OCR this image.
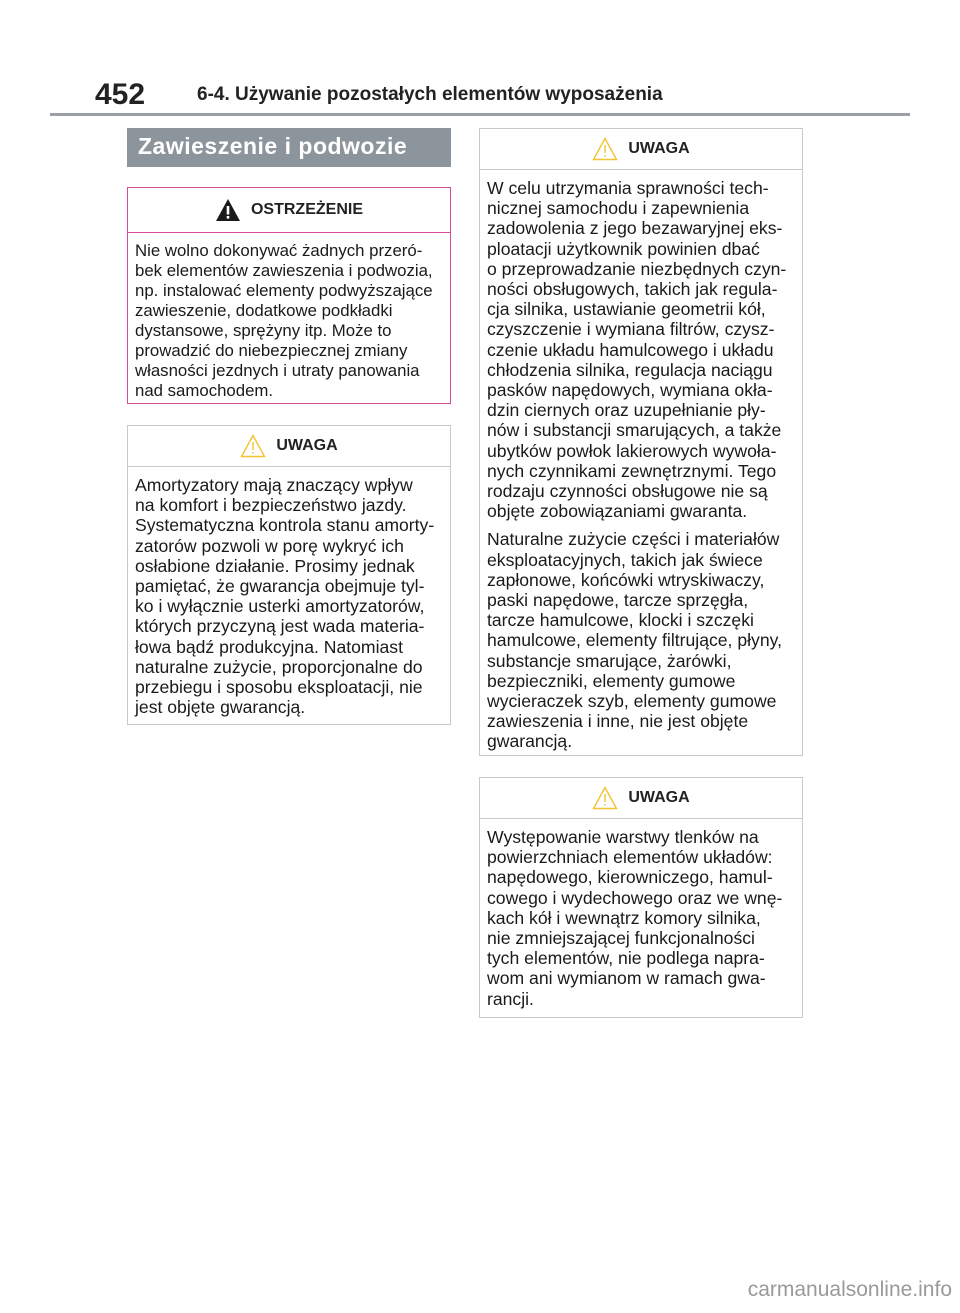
452	6-4. Używanie pozostałych elementów wyposażenia
Zawieszenie i podwozie
OSTRZEŻENIE
Nie wolno dokonywać żadnych przeró-
bek elementów zawieszenia i podwozia,
np. instalować elementy podwyższające
zawieszenie, dodatkowe podkładki
dystansowe, sprężyny itp. Może to
prowadzić do niebezpiecznej zmiany
własności jezdnych i utraty panowania
nad samochodem.
UWAGA
Amortyzatory mają znaczący wpływ
na komfort i bezpieczeństwo jazdy.
Systematyczna kontrola stanu amorty-
zatorów pozwoli w porę wykryć ich
osłabione działanie. Prosimy jednak
pamiętać, że gwarancja obejmuje tyl-
ko i wyłącznie usterki amortyzatorów,
których przyczyną jest wada materia-
łowa bądź produkcyjna. Natomiast
naturalne zużycie, proporcjonalne do
przebiegu i sposobu eksploatacji, nie
jest objęte gwarancją.
UWAGA

W celu utrzymania sprawności tech-
nicznej samochodu i zapewnienia
zadowolenia z jego bezawaryjnej eks-
ploatacji użytkownik powinien dbać
o przeprowadzanie niezbędnych czyn-
ności obsługowych, takich jak regula-
cja silnika, ustawianie geometrii kół,
czyszczenie i wymiana filtrów, czysz-
czenie układu hamulcowego i układu
chłodzenia silnika, regulacja naciągu
pasków napędowych, wymiana okła-
dzin ciernych oraz uzupełnianie pły-
nów i substancji smarujących, a także
ubytków powłok lakierowych wywoła-
nych czynnikami zewnętrznymi. Tego
rodzaju czynności obsługowe nie są
objęte zobowiązaniami gwaranta.

Naturalne zużycie części i materiałów
eksploatacyjnych, takich jak świece
zapłonowe, końcówki wtryskiwaczy,
paski napędowe, tarcze sprzęgła,
tarcze hamulcowe, klocki i szczęki
hamulcowe, elementy filtrujące, płyny,
substancje smarujące, żarówki,
bezpieczniki, elementy gumowe
wycieraczek szyb, elementy gumowe
zawieszenia i inne, nie jest objęte
gwarancją.

UWAGA
Występowanie warstwy tlenków na
powierzchniach elementów układów:
napędowego, kierowniczego, hamul-
cowego i wydechowego oraz we wnę-
kach kół i wewnątrz komory silnika,
nie zmniejszającej funkcjonalności
tych elementów, nie podlega napra-
wom ani wymianom w ramach gwa-
rancji.
carmanualsonline.info
